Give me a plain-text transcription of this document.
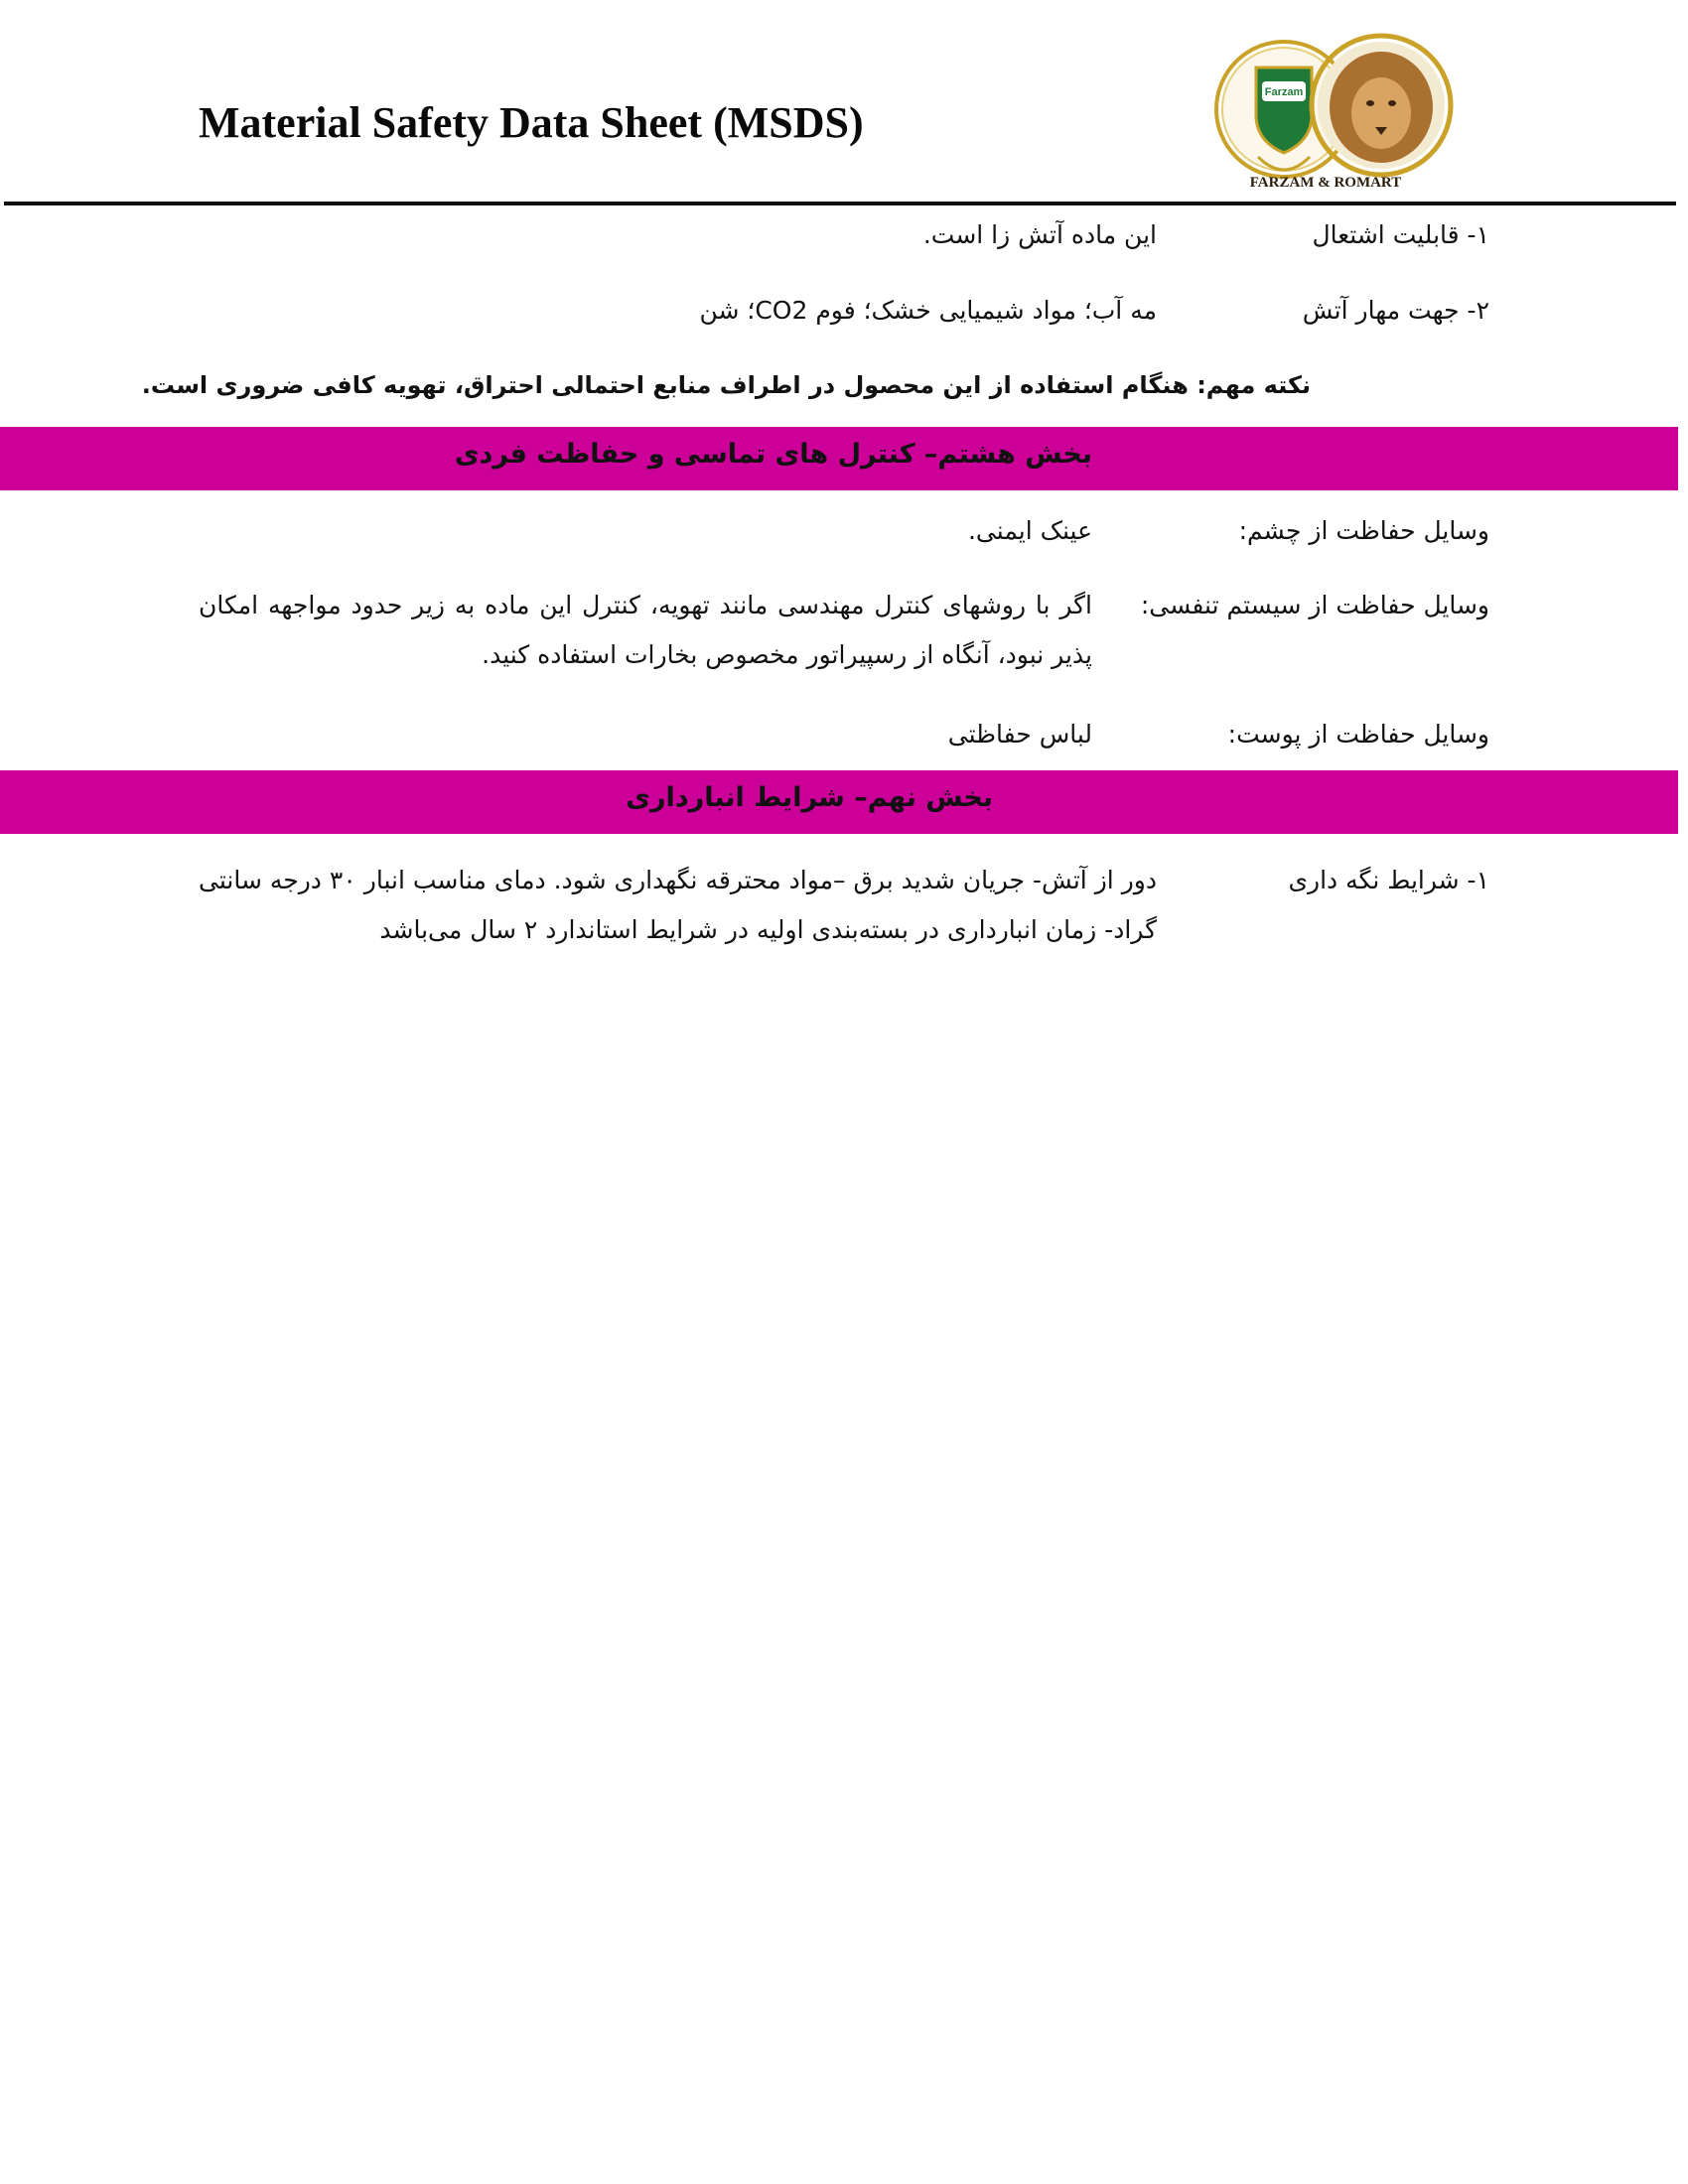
Material Safety Data Sheet (MSDS)
Farzam
FARZAM & ROMART
١- قابلیت اشتعال
این ماده آتش زا است.
٢- جهت مهار آتش
مه آب؛ مواد شیمیایی خشک؛ فوم CO2؛ شن
نکته مهم: هنگام استفاده از این محصول در اطراف منابع احتمالی احتراق، تهویه کافی ضروری است.
بخش هشتم– کنترل های تماسی و حفاظت فردی
وسایل حفاظت از چشم:
عینک ایمنی.
وسایل حفاظت از سیستم تنفسی:
اگر با روشهای کنترل مهندسی مانند تهویه، کنترل این ماده به زیر حدود مواجهه امکان پذیر نبود، آنگاه از رسپیراتور مخصوص بخارات استفاده کنید.
وسایل حفاظت از پوست:
لباس حفاظتی
بخش نهم– شرایط انبارداری
١- شرایط نگه داری
دور از آتش- جریان شدید برق –مواد محترقه نگهداری شود. دمای مناسب انبار ٣٠ درجه سانتی گراد- زمان انبارداری در بسته‌بندی اولیه در شرایط استاندارد ٢ سال می‌باشد
